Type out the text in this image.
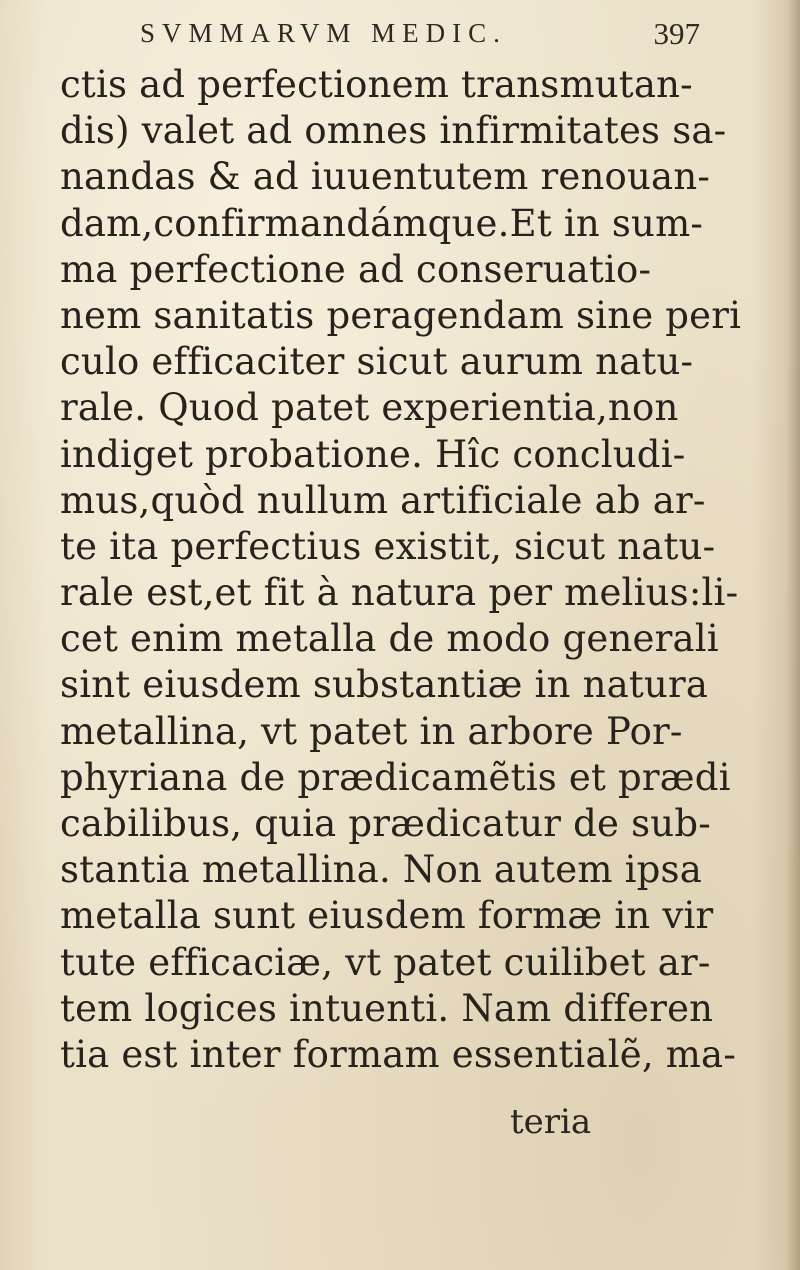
SVMMARVM MEDIC.	397
ctis ad perfectionem transmutan-
dis) valet ad omnes infirmitates sa-
nandas & ad iuuentutem renouan-
dam,confirmandámque.Et in sum-
ma perfectione ad conseruatio-
nem sanitatis peragendam sine peri
culo efficaciter sicut aurum natu-
rale. Quod patet experientia,non
indiget probatione. Hîc concludi-
mus,quòd nullum artificiale ab ar-
te ita perfectius existit, sicut natu-
rale est,et fit à natura per melius:li-
cet enim metalla de modo generali
sint eiusdem substantiæ in natura
metallina, vt patet in arbore Por-
phyriana de prædicamẽtis et prædi
cabilibus, quia prædicatur de sub-
stantia metallina. Non autem ipsa
metalla sunt eiusdem formæ in vir
tute efficaciæ, vt patet cuilibet ar-
tem logices intuenti. Nam differen
tia est inter formam essentialẽ, ma-
teria
